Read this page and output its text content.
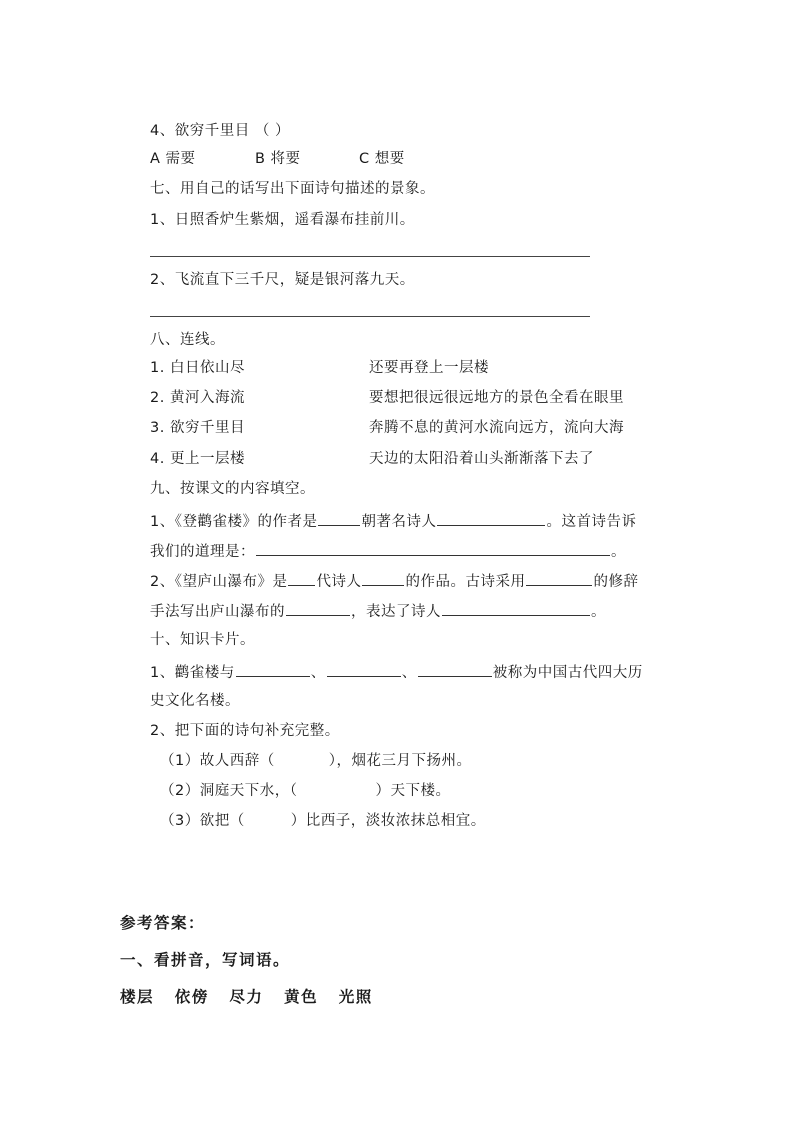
4、欲穷千里目 （ ）
A 需要	B 将要	C 想要
七、用自己的话写出下面诗句描述的景象。
1、日照香炉生紫烟，遥看瀑布挂前川。
2、飞流直下三千尺，疑是银河落九天。
八、连线。
1. 白日依山尽	还要再登上一层楼
2. 黄河入海流	要想把很远很远地方的景色全看在眼里
3. 欲穷千里目	奔腾不息的黄河水流向远方，流向大海
4. 更上一层楼	天边的太阳沿着山头渐渐落下去了
九、按课文的内容填空。
1、《登鹳雀楼》的作者是	朝著名诗人	。这首诗告诉
我们的道理是：	。
2、《望庐山瀑布》是 代诗人	的作品。古诗采用	的修辞
手法写出庐山瀑布的	，表达了诗人	。
十、知识卡片。
1、鹳雀楼与	、	、	被称为中国古代四大历
史文化名楼。
2、把下面的诗句补充完整。
（1）故人西辞（	），烟花三月下扬州。
（2）洞庭天下水，（	）天下楼。
（3）欲把（	）比西子，淡妆浓抹总相宜。
参考答案：
一、看拼音，写词语。
楼层   依傍   尽力   黄色   光照
